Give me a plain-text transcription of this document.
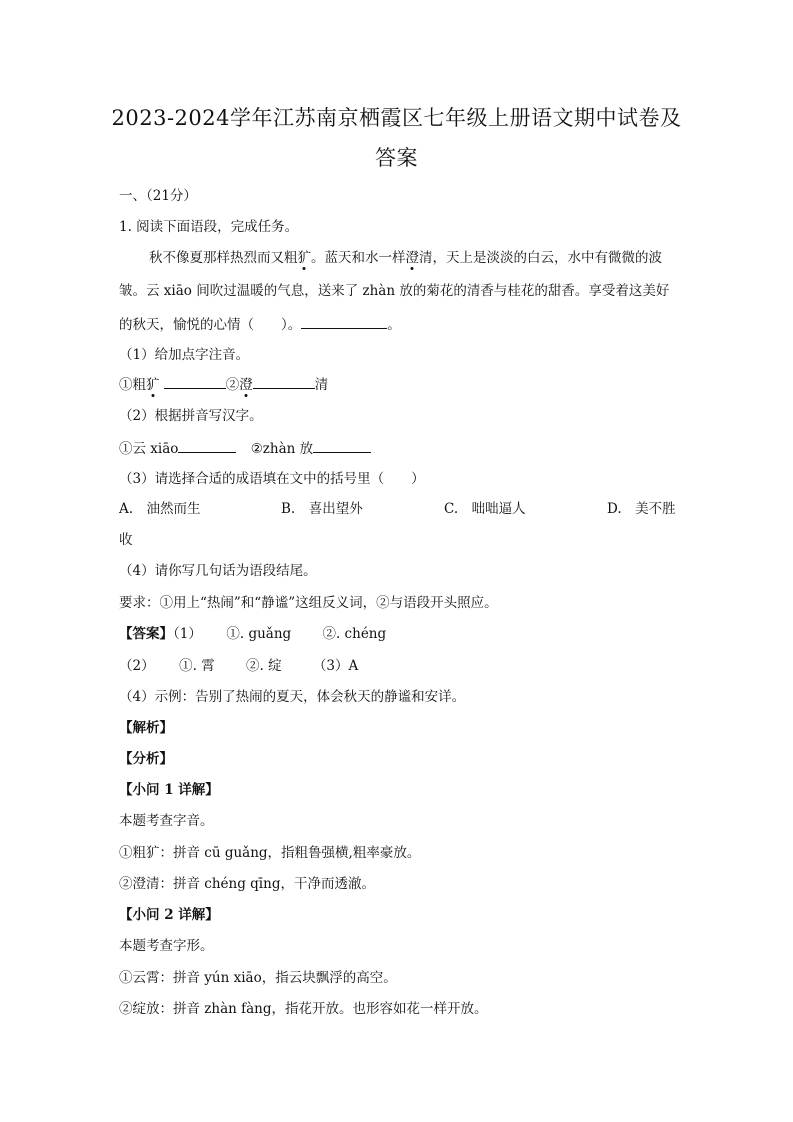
2023-2024学年江苏南京栖霞区七年级上册语文期中试卷及
答案
一、（21分）
1. 阅读下面语段，完成任务。
秋不像夏那样热烈而又粗犷。蓝天和水一样澄清，天上是淡淡的白云，水中有微微的波
皱。云 xiāo 间吹过温暖的气息，送来了 zhàn 放的菊花的清香与桂花的甜香。享受着这美好
的秋天，愉悦的心情（　　）。	。
（1）给加点字注音。
①粗犷	②澄	清
（2）根据拼音写汉字。
①云 xiāo	②zhàn 放
（3）请选择合适的成语填在文中的括号里（　　）
A.　油然而生	B.　喜出望外	C.　咄咄逼人	D.　美不胜
收
（4）请你写几句话为语段结尾。
要求：①用上“热闹”和“静谧”这组反义词，②与语段开头照应。
【答案】（1）　　 ①. guǎng　　 ②. chéng
（2）　　 ①. 霄　　 ②. 绽　　 （3）A
（4）示例：告别了热闹的夏天，体会秋天的静谧和安详。
【解析】
【分析】
【小问 1 详解】
本题考查字音。
①粗犷：拼音 cū guǎng，指粗鲁强横,粗率豪放。
②澄清：拼音 chéng qīng，干净而透澈。
【小问 2 详解】
本题考查字形。
①云霄：拼音 yún xiāo，指云块飘浮的高空。
②绽放：拼音 zhàn fàng，指花开放。也形容如花一样开放。
